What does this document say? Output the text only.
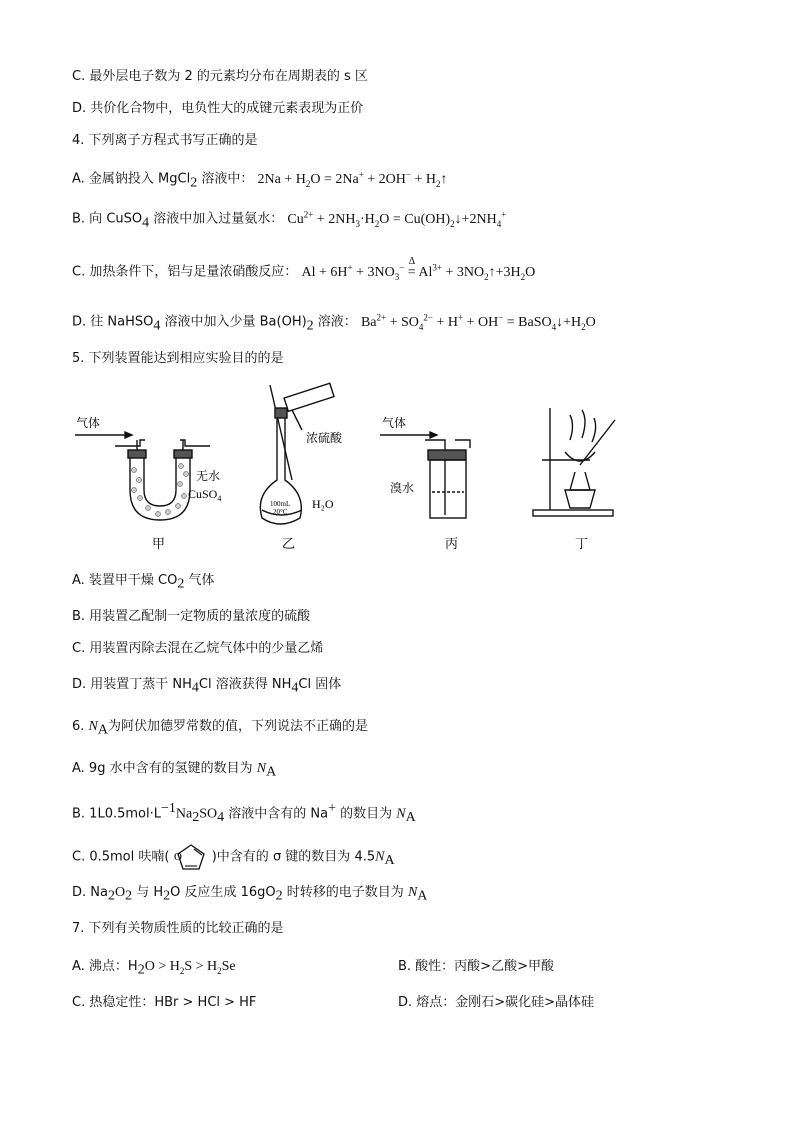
C. 最外层电子数为 2 的元素均分布在周期表的 s 区
D. 共价化合物中，电负性大的成键元素表现为正价
4. 下列离子方程式书写正确的是
A. 金属钠投入 MgCl$_2$ 溶液中： $2Na + H_2O = 2Na^+ + 2OH^-$ + $H_2↑$
B. 向 CuSO$_4$ 溶液中加入过量氨水： $Cu^{2+} + 2NH_3\cdot H_2O$ = $Cu(OH)_2↓+2NH_4^+$
C. 加热条件下，铝与足量浓硝酸反应： $Al + 6H^+ + 3NO_3^-$ =
Δ
$Al^{3+}$ + $3NO_2↑+3H_2O$
D. 往 NaHSO$_4$ 溶液中加入少量 $Ba(OH)_2$ 溶液： $Ba^{2+} + SO_4^{2-} + H^+ + OH^-$ = $BaSO_4↓+H_2O$
5. 下列装置能达到相应实验目的的是
气体
无水
CuSO$_4$
浓硫酸
100mL
20°C
H₂O
气体
溴水
甲	乙	丙	丁
A. 装置甲干燥 $CO_2$ 气体
B. 用装置乙配制一定物质的量浓度的硫酸
C. 用装置丙除去混在乙烷气体中的少量乙烯
D. 用装置丁蒸干 $NH_4Cl$ 溶液获得 $NH_4Cl$ 固体
6. $N_A$为阿伏加德罗常数的值，下列说法不正确的是
A. 9g 水中含有的氢键的数目为 $N_A$
B. $1L0.5mol\cdot L^{-1}Na_2SO_4$ 溶液中含有的 Na+ 的数目为 $N_A$
C. 0.5mol 呋喃( O )中含有的 σ 键的数目为 $4.5N_A$
D. $Na_2O_2$ 与 $H_2O$ 反应生成 $16gO_2$ 时转移的电子数目为 $N_A$
7. 下列有关物质性质的比较正确的是
A. 沸点：$H_2O > H_2S > H_2Se$	B. 酸性：丙酸>乙酸>甲酸
C. 热稳定性：HBr > HCl > HF	D. 熔点：金刚石>碳化硅>晶体硅
